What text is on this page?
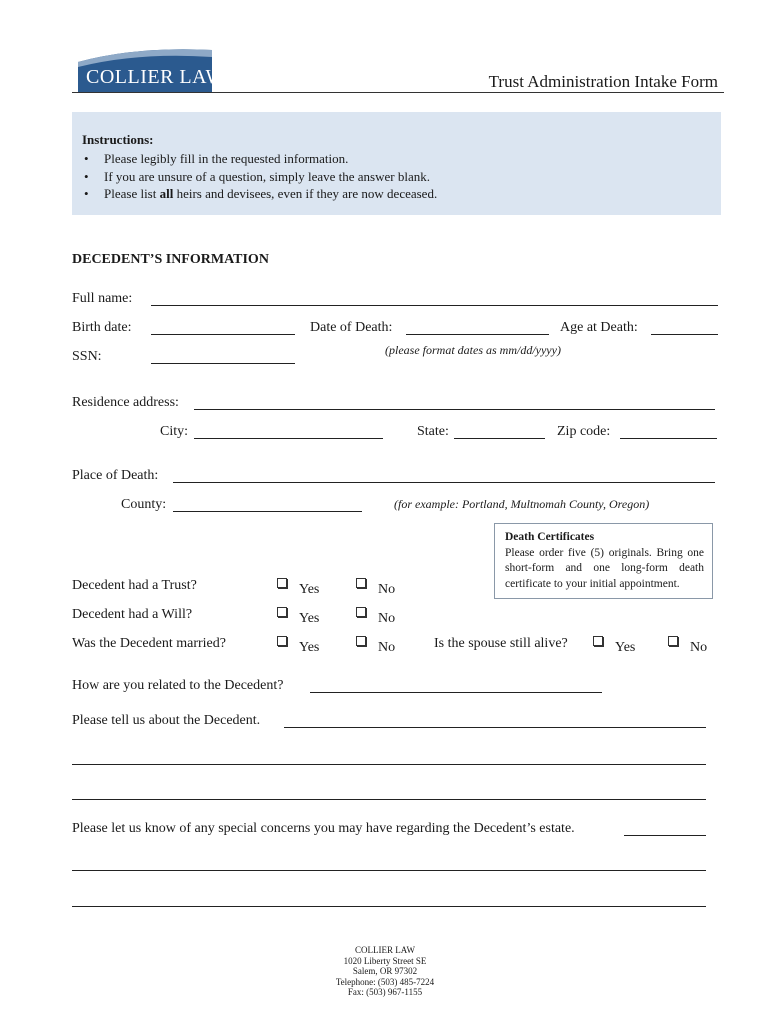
COLLIER LAW	Trust Administration Intake Form
Instructions:
• Please legibly fill in the requested information.
• If you are unsure of a question, simply leave the answer blank.
• Please list all heirs and devisees, even if they are now deceased.
DECEDENT’S INFORMATION
Full name:
Birth date:	Date of Death:	Age at Death:
(please format dates as mm/dd/yyyy)
SSN:
Residence address:
City:	State:	Zip code:
Place of Death:
County:	(for example: Portland, Multnomah County, Oregon)
Death Certificates
Please order five (5) originals. Bring one short-form and one long-form death certificate to your initial appointment.
Decedent had a Trust?	Yes	No
Decedent had a Will?	Yes	No
Was the Decedent married?	Yes	No	Is the spouse still alive?	Yes	No
How are you related to the Decedent?
Please tell us about the Decedent.
Please let us know of any special concerns you may have regarding the Decedent’s estate.
COLLIER LAW
1020 Liberty Street SE
Salem, OR 97302
Telephone: (503) 485-7224
Fax: (503) 967-1155
